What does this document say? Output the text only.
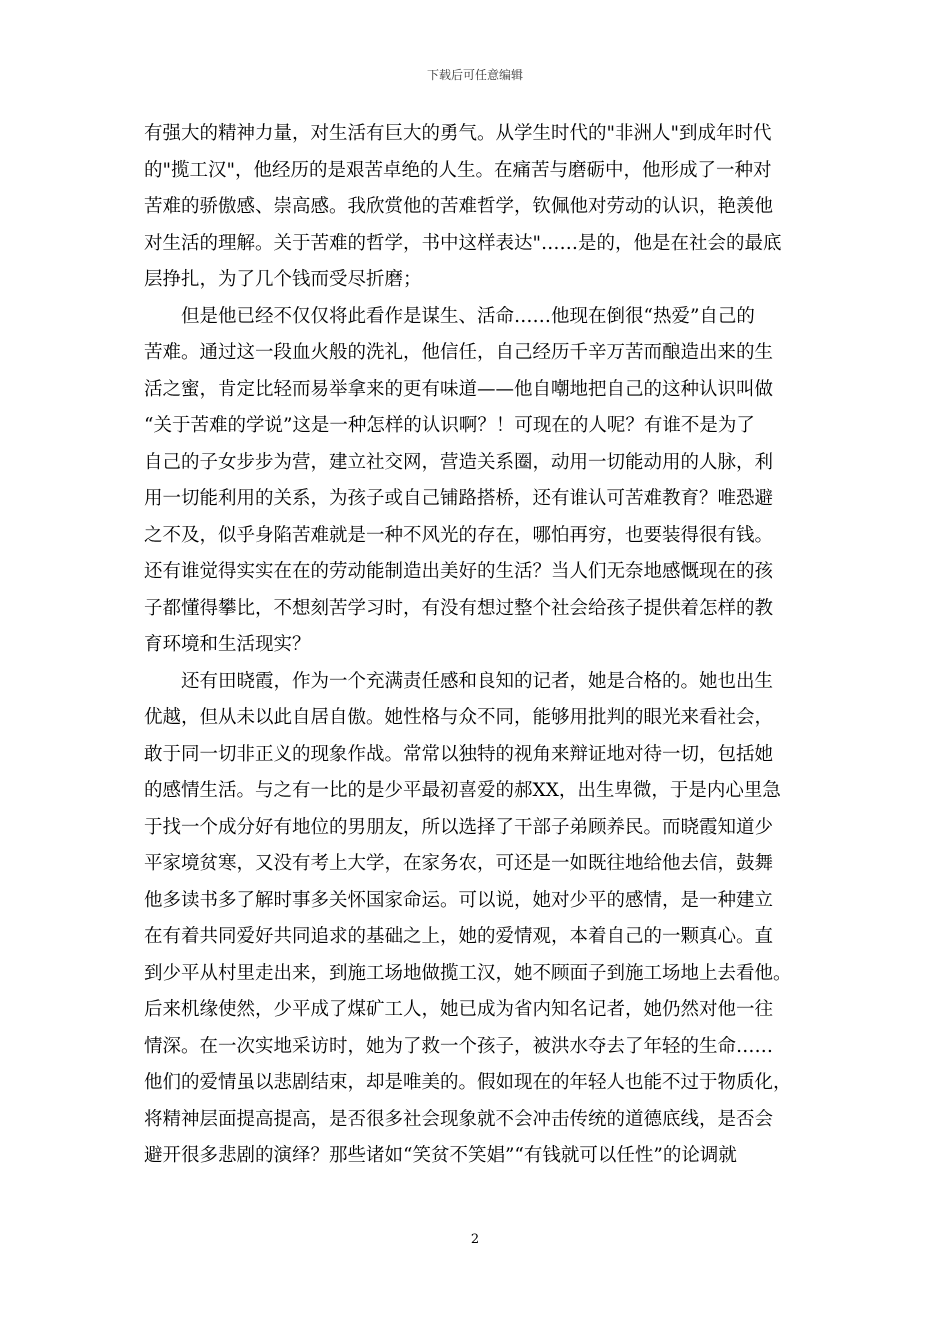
下载后可任意编辑
有强大的精神力量，对生活有巨大的勇气。从学生时代的"非洲人"到成年时代
的"揽工汉"，他经历的是艰苦卓绝的人生。在痛苦与磨砺中，他形成了一种对
苦难的骄傲感、崇高感。我欣赏他的苦难哲学，钦佩他对劳动的认识，艳羡他
对生活的理解。关于苦难的哲学，书中这样表达"……是的，他是在社会的最底
层挣扎，为了几个钱而受尽折磨；
但是他已经不仅仅将此看作是谋生、活命……他现在倒很“热爱”自己的
苦难。通过这一段血火般的洗礼，他信任，自己经历千辛万苦而酿造出来的生
活之蜜，肯定比轻而易举拿来的更有味道——他自嘲地把自己的这种认识叫做
“关于苦难的学说”这是一种怎样的认识啊？！可现在的人呢？有谁不是为了
自己的子女步步为营，建立社交网，营造关系圈，动用一切能动用的人脉，利
用一切能利用的关系，为孩子或自己铺路搭桥，还有谁认可苦难教育？唯恐避
之不及，似乎身陷苦难就是一种不风光的存在，哪怕再穷，也要装得很有钱。
还有谁觉得实实在在的劳动能制造出美好的生活？当人们无奈地感慨现在的孩
子都懂得攀比，不想刻苦学习时，有没有想过整个社会给孩子提供着怎样的教
育环境和生活现实？
还有田晓霞，作为一个充满责任感和良知的记者，她是合格的。她也出生
优越，但从未以此自居自傲。她性格与众不同，能够用批判的眼光来看社会，
敢于同一切非正义的现象作战。常常以独特的视角来辩证地对待一切，包括她
的感情生活。与之有一比的是少平最初喜爱的郝XX，出生卑微，于是内心里急
于找一个成分好有地位的男朋友，所以选择了干部子弟顾养民。而晓霞知道少
平家境贫寒，又没有考上大学，在家务农，可还是一如既往地给他去信，鼓舞
他多读书多了解时事多关怀国家命运。可以说，她对少平的感情，是一种建立
在有着共同爱好共同追求的基础之上，她的爱情观，本着自己的一颗真心。直
到少平从村里走出来，到施工场地做揽工汉，她不顾面子到施工场地上去看他。
后来机缘使然，少平成了煤矿工人，她已成为省内知名记者，她仍然对他一往
情深。在一次实地采访时，她为了救一个孩子，被洪水夺去了年轻的生命……
他们的爱情虽以悲剧结束，却是唯美的。假如现在的年轻人也能不过于物质化，
将精神层面提高提高，是否很多社会现象就不会冲击传统的道德底线，是否会
避开很多悲剧的演绎？那些诸如“笑贫不笑娼”“有钱就可以任性”的论调就
2
